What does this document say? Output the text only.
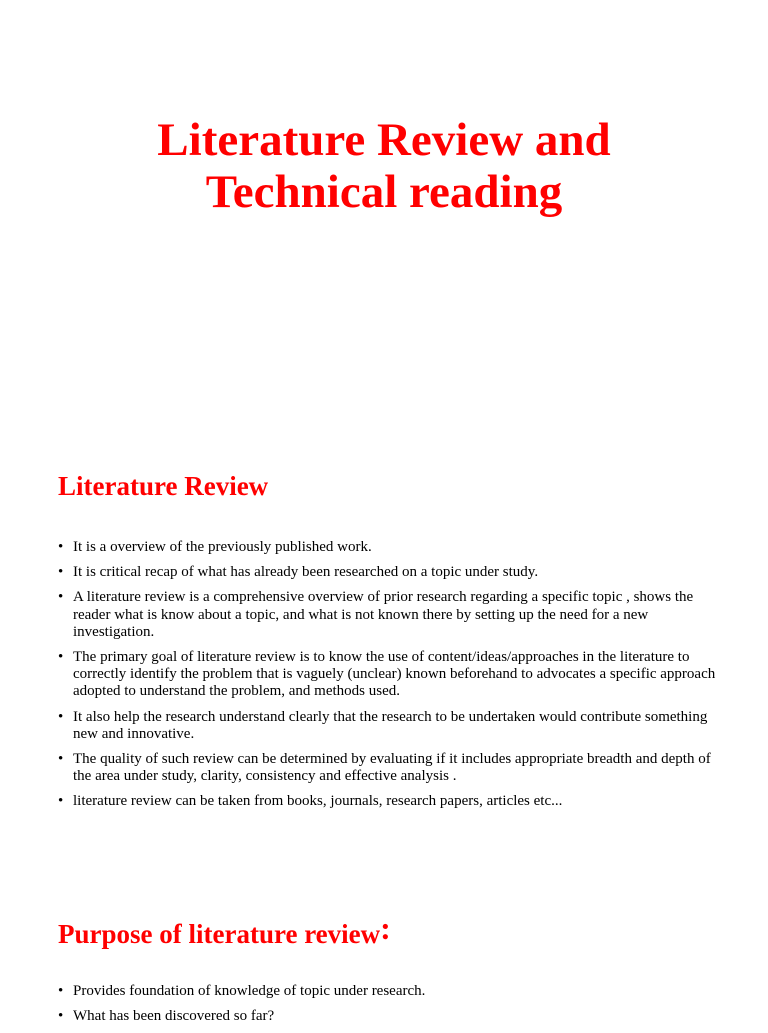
Literature Review and
Technical reading
Literature Review
• It is a overview of the previously published work.
• It is critical recap of what has already been researched on a topic under study.
• A literature review is a comprehensive overview of prior research regarding a specific topic , shows the reader what is know about a topic, and what is not known there by setting up the need for a new investigation.
• The primary goal of literature review is to know the use of content/ideas/approaches in the literature to correctly identify the problem that is vaguely (unclear) known beforehand to advocates a specific approach adopted to understand the problem, and methods used.
• It also help the research understand clearly that the research to be undertaken would contribute something new and innovative.
• The quality of such review can be determined by evaluating if it includes appropriate breadth and depth of the area under study, clarity, consistency and effective analysis .
• literature review can be taken from books, journals, research papers, articles etc...
Purpose of literature review:
• Provides foundation of knowledge of topic under research.
• What has been discovered so far?
